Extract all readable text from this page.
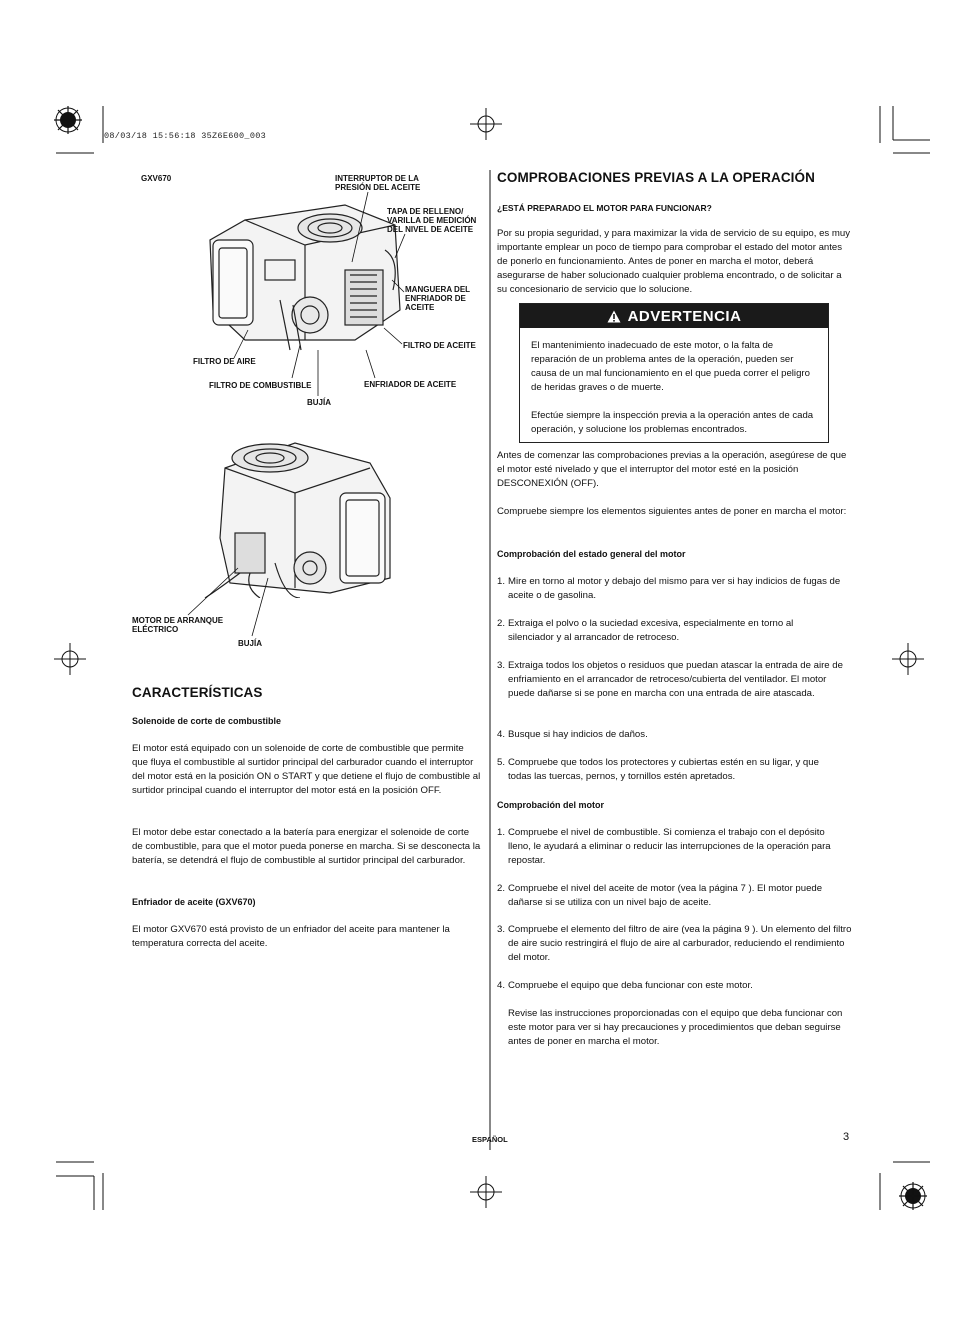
08/03/18 15:56:18 35Z6E600_003
GXV670	INTERRUPTOR DE LA PRESIÓN DEL ACEITE
TAPA DE RELLENO/ VARILLA DE MEDICIÓN DEL NIVEL DE ACEITE
MANGUERA DEL ENFRIADOR DE ACEITE
FILTRO DE ACEITE
FILTRO DE AIRE
FILTRO DE COMBUSTIBLE	ENFRIADOR DE ACEITE
BUJÍA
MOTOR DE ARRANQUE ELÉCTRICO
BUJÍA
CARACTERÍSTICAS
Solenoide de corte de combustible
El motor está equipado con un solenoide de corte de combustible que permite que fluya el combustible al surtidor principal del carburador cuando el interruptor del motor está en la posición ON o START y que detiene el flujo de combustible al surtidor principal cuando el interruptor del motor está en la posición OFF.
El motor debe estar conectado a la batería para energizar el solenoide de corte de combustible, para que el motor pueda ponerse en marcha. Si se desconecta la batería, se detendrá el flujo de combustible al surtidor principal del carburador.
Enfriador de aceite (GXV670)
El motor GXV670 está provisto de un enfriador del aceite para mantener la temperatura correcta del aceite.
COMPROBACIONES PREVIAS A LA OPERACIÓN
¿ESTÁ PREPARADO EL MOTOR PARA FUNCIONAR?
Por su propia seguridad, y para maximizar la vida de servicio de su equipo, es muy importante emplear un poco de tiempo para comprobar el estado del motor antes de ponerlo en funcionamiento. Antes de poner en marcha el motor, deberá asegurarse de haber solucionado cualquier problema encontrado, o de solicitar a su concesionario de servicio que lo solucione.
ADVERTENCIA
El mantenimiento inadecuado de este motor, o la falta de reparación de un problema antes de la operación, pueden ser causa de un mal funcionamiento en el que pueda correr el peligro de heridas graves o de muerte.
Efectúe siempre la inspección previa a la operación antes de cada operación, y solucione los problemas encontrados.
Antes de comenzar las comprobaciones previas a la operación, asegúrese de que el motor esté nivelado y que el interruptor del motor esté en la posición DESCONEXIÓN (OFF).
Compruebe siempre los elementos siguientes antes de poner en marcha el motor:
Comprobación del estado general del motor
1. Mire en torno al motor y debajo del mismo para ver si hay indicios de fugas de aceite o de gasolina.
2. Extraiga el polvo o la suciedad excesiva, especialmente en torno al silenciador y al arrancador de retroceso.
3. Extraiga todos los objetos o residuos que puedan atascar la entrada de aire de enfriamiento en el arrancador de retroceso/cubierta del ventilador. El motor puede dañarse si se pone en marcha con una entrada de aire atascada.
4. Busque si hay indicios de daños.
5. Compruebe que todos los protectores y cubiertas estén en su ligar, y que todas las tuercas, pernos, y tornillos estén apretados.
Comprobación del motor
1. Compruebe el nivel de combustible. Si comienza el trabajo con el depósito lleno, le ayudará a eliminar o reducir las interrupciones de la operación para repostar.
2. Compruebe el nivel del aceite de motor (vea la página 7 ). El motor puede dañarse si se utiliza con un nivel bajo de aceite.
3. Compruebe el elemento del filtro de aire (vea la página 9 ). Un elemento del filtro de aire sucio restringirá el flujo de aire al carburador, reduciendo el rendimiento del motor.
4. Compruebe el equipo que deba funcionar con este motor.
Revise las instrucciones proporcionadas con el equipo que deba funcionar con este motor para ver si hay precauciones y procedimientos que deban seguirse antes de poner en marcha el motor.
ESPAÑOL	3
